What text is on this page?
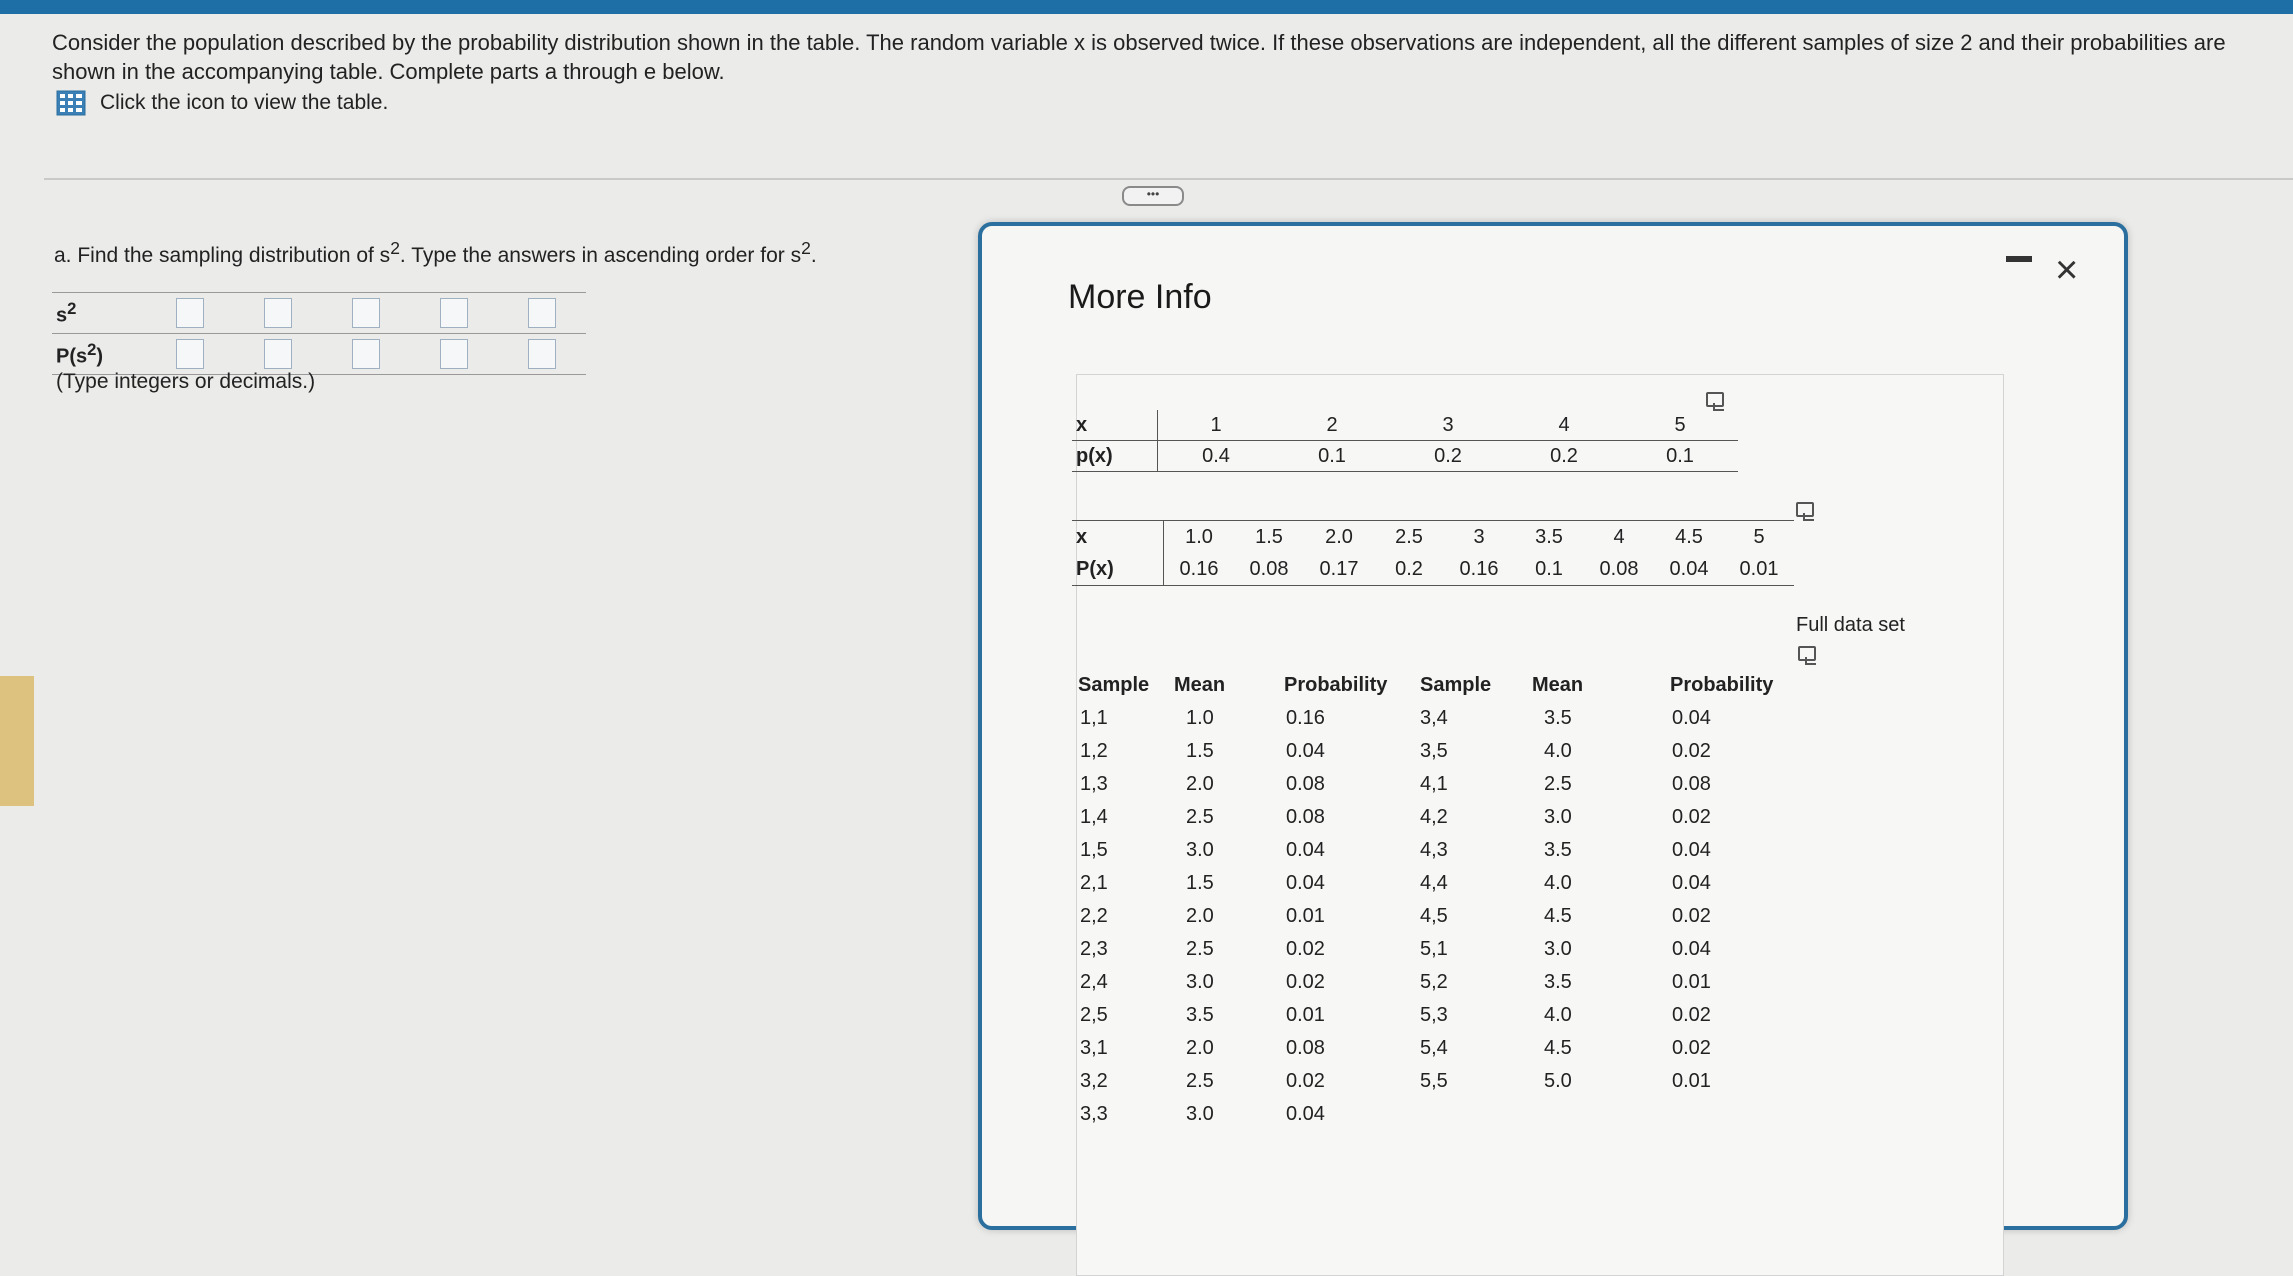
Consider the population described by the probability distribution shown in the table. The random variable x is observed twice. If these observations are independent, all the different samples of size 2 and their probabilities are
shown in the accompanying table. Complete parts a through e below.
Click the icon to view the table.
•••
a. Find the sampling distribution of $s^2$. Type the answers in ascending order for $s^2$.
$s^2$					
$P(s^2)$					
(Type integers or decimals.)
More Info
×
x	1	2	3	4	5
p(x)	0.4	0.1	0.2	0.2	0.1
x	1.0	1.5	2.0	2.5	3	3.5	4	4.5	5
P(x)	0.16	0.08	0.17	0.2	0.16	0.1	0.08	0.04	0.01
Full data set
Sample	Mean	Probability	Sample	Mean	Probability
1,1	1.0	0.16	3,4	3.5	0.04
1,2	1.5	0.04	3,5	4.0	0.02
1,3	2.0	0.08	4,1	2.5	0.08
1,4	2.5	0.08	4,2	3.0	0.02
1,5	3.0	0.04	4,3	3.5	0.04
2,1	1.5	0.04	4,4	4.0	0.04
2,2	2.0	0.01	4,5	4.5	0.02
2,3	2.5	0.02	5,1	3.0	0.04
2,4	3.0	0.02	5,2	3.5	0.01
2,5	3.5	0.01	5,3	4.0	0.02
3,1	2.0	0.08	5,4	4.5	0.02
3,2	2.5	0.02	5,5	5.0	0.01
3,3	3.0	0.04			
